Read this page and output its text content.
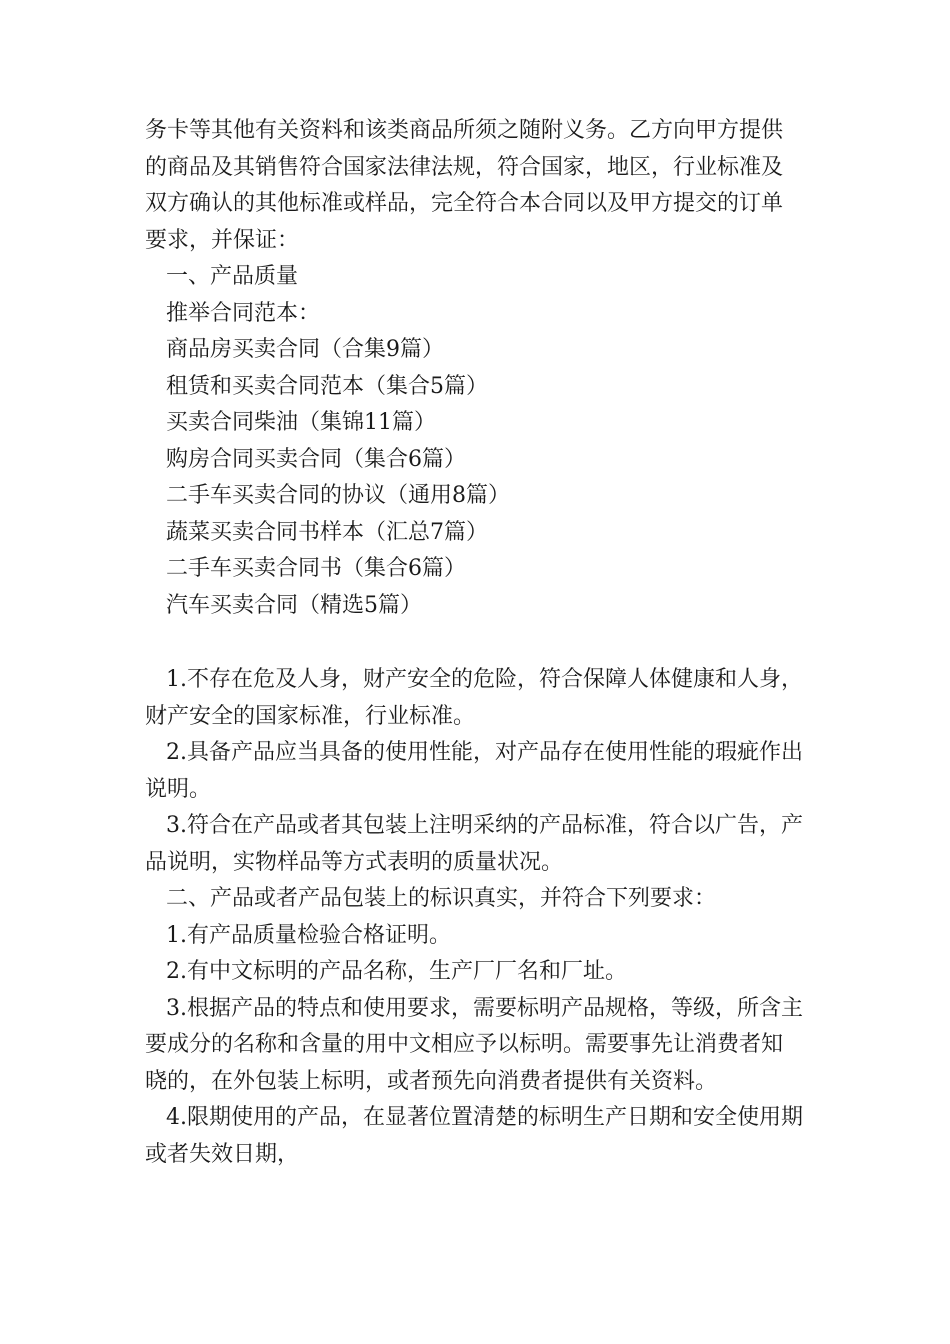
务卡等其他有关资料和该类商品所须之随附义务。乙方向甲方提供
的商品及其销售符合国家法律法规，符合国家，地区，行业标准及
双方确认的其他标准或样品，完全符合本合同以及甲方提交的订单
要求，并保证：
一、产品质量
推举合同范本：
商品房买卖合同（合集9篇）
租赁和买卖合同范本（集合5篇）
买卖合同柴油（集锦11篇）
购房合同买卖合同（集合6篇）
二手车买卖合同的协议（通用8篇）
蔬菜买卖合同书样本（汇总7篇）
二手车买卖合同书（集合6篇）
汽车买卖合同（精选5篇）
1.不存在危及人身，财产安全的危险，符合保障人体健康和人身，
财产安全的国家标准，行业标准。
2.具备产品应当具备的使用性能，对产品存在使用性能的瑕疵作出
说明。
3.符合在产品或者其包装上注明采纳的产品标准，符合以广告，产
品说明，实物样品等方式表明的质量状况。
二、产品或者产品包装上的标识真实，并符合下列要求：
1.有产品质量检验合格证明。
2.有中文标明的产品名称，生产厂厂名和厂址。
3.根据产品的特点和使用要求，需要标明产品规格，等级，所含主
要成分的名称和含量的用中文相应予以标明。需要事先让消费者知
晓的，在外包装上标明，或者预先向消费者提供有关资料。
4.限期使用的产品，在显著位置清楚的标明生产日期和安全使用期
或者失效日期，
